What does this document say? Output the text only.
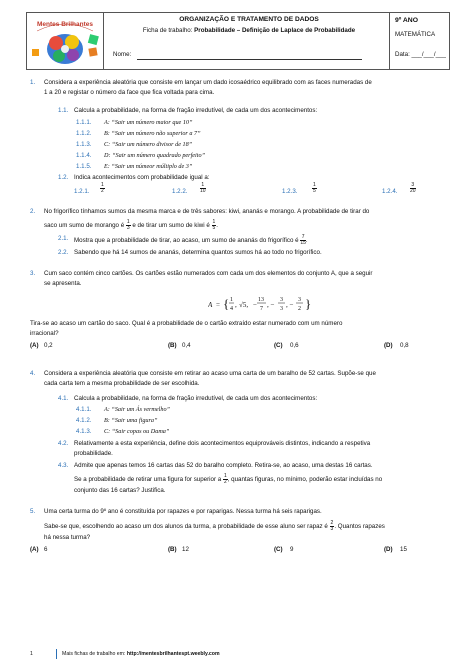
Mentes Brilhantes
ORGANIZAÇÃO E TRATAMENTO DE DADOS
Ficha de trabalho: Probabilidade – Definição de Laplace de Probabilidade
Nome:
9º ANO
MATEMÁTICA
Data: ___/___/___
1. Considera a experiência aleatória que consiste em lançar um dado icosaédrico equilibrado com as faces numeradas de
1 a 20 e registar o número da face que fica voltada para cima.
1.1. Calcula a probabilidade, na forma de fração irredutível, de cada um dos acontecimentos:
1.1.1. A: “Sair um número maior que 10”
1.1.2. B: “Sair um número não superior a 7”
1.1.3. C: “Sair um número divisor de 18”
1.1.4. D: “Sair um número quadrado perfeito”
1.1.5. E: “Sair um númeor múltiplo de 3”
1.2. Indica acontecimentos com probabilidade igual a:
1.2.1. $\frac{1}{2}$	1.2.2.	$\frac{1}{10}$	1.2.3.	$\frac{1}{5}$	1.2.4.	$\frac{3}{20}$
2. No frigorífico tínhamos sumos da mesma marca e de três sabores: kiwi, ananás e morango. A probabilidade de tirar do
saco um sumo de morango é $\frac{1}{3}$ e de tirar um sumo de kiwi é $\frac{1}{5}$ .
2.1. Mostra que a probabilidade de tirar, ao acaso, um sumo de ananás do frigorífico é $\frac{7}{15}$ .
2.2. Sabendo que há 14 sumos de ananás, determina quantos sumos há ao todo no frigorífico.
3. Cum saco contém cinco cartões. Os cartões estão numerados com cada um dos elementos do conjunto A, que a seguir
se apresenta.
A = { 1
4 , √5, −
13
7 , −
3
3 , −
3
2 }
Tira-se ao acaso um cartão do saco. Qual é a probabilidade de o cartão extraído estar numerado com um número
irracional?
(A) 0,2	(B) 0,4	(C) 0,6	(D) 0,8
4. Considera a experiência aleatória que consiste em retirar ao acaso uma carta de um baralho de 52 cartas. Supõe-se que
cada carta tem a mesma probabilidade de ser escolhida.
4.1. Calcula a probabilidade, na forma de fração irredutível, de cada um dos acontecimentos:
4.1.1. A: “Sair um Ás vermelho”
4.1.2. B: “Sair uma figura”
4.1.3. C: “Sair copas ou Dama”
4.2. Relativamente a esta experiência, define dois acontecimentos equiprováveis distintos, indicando a respetiva
probabilidade.
4.3. Admite que apenas temos 16 cartas das 52 do baralho completo. Retira-se, ao acaso, uma destas 16 cartas.
Se a probabilidade de retirar uma figura for superior a $\frac{1}{2}$ , quantas figuras, no mínimo, poderão estar incluídas no
conjunto das 16 cartas? Justifica.
5. Uma certa turma do 9º ano é constituída por rapazes e por raparigas. Nessa turma há seis raparigas.
Sabe-se que, escolhendo ao acaso um dos alunos da turma, a probabilidade de esse aluno ser rapaz é $\frac{2}{3}$ . Quantos rapazes
há nessa turma?
(A) 6	(B) 12	(C) 9	(D) 15
1	Mais fichas de trabalho em: http://mentesbrilhantespt.weebly.com
